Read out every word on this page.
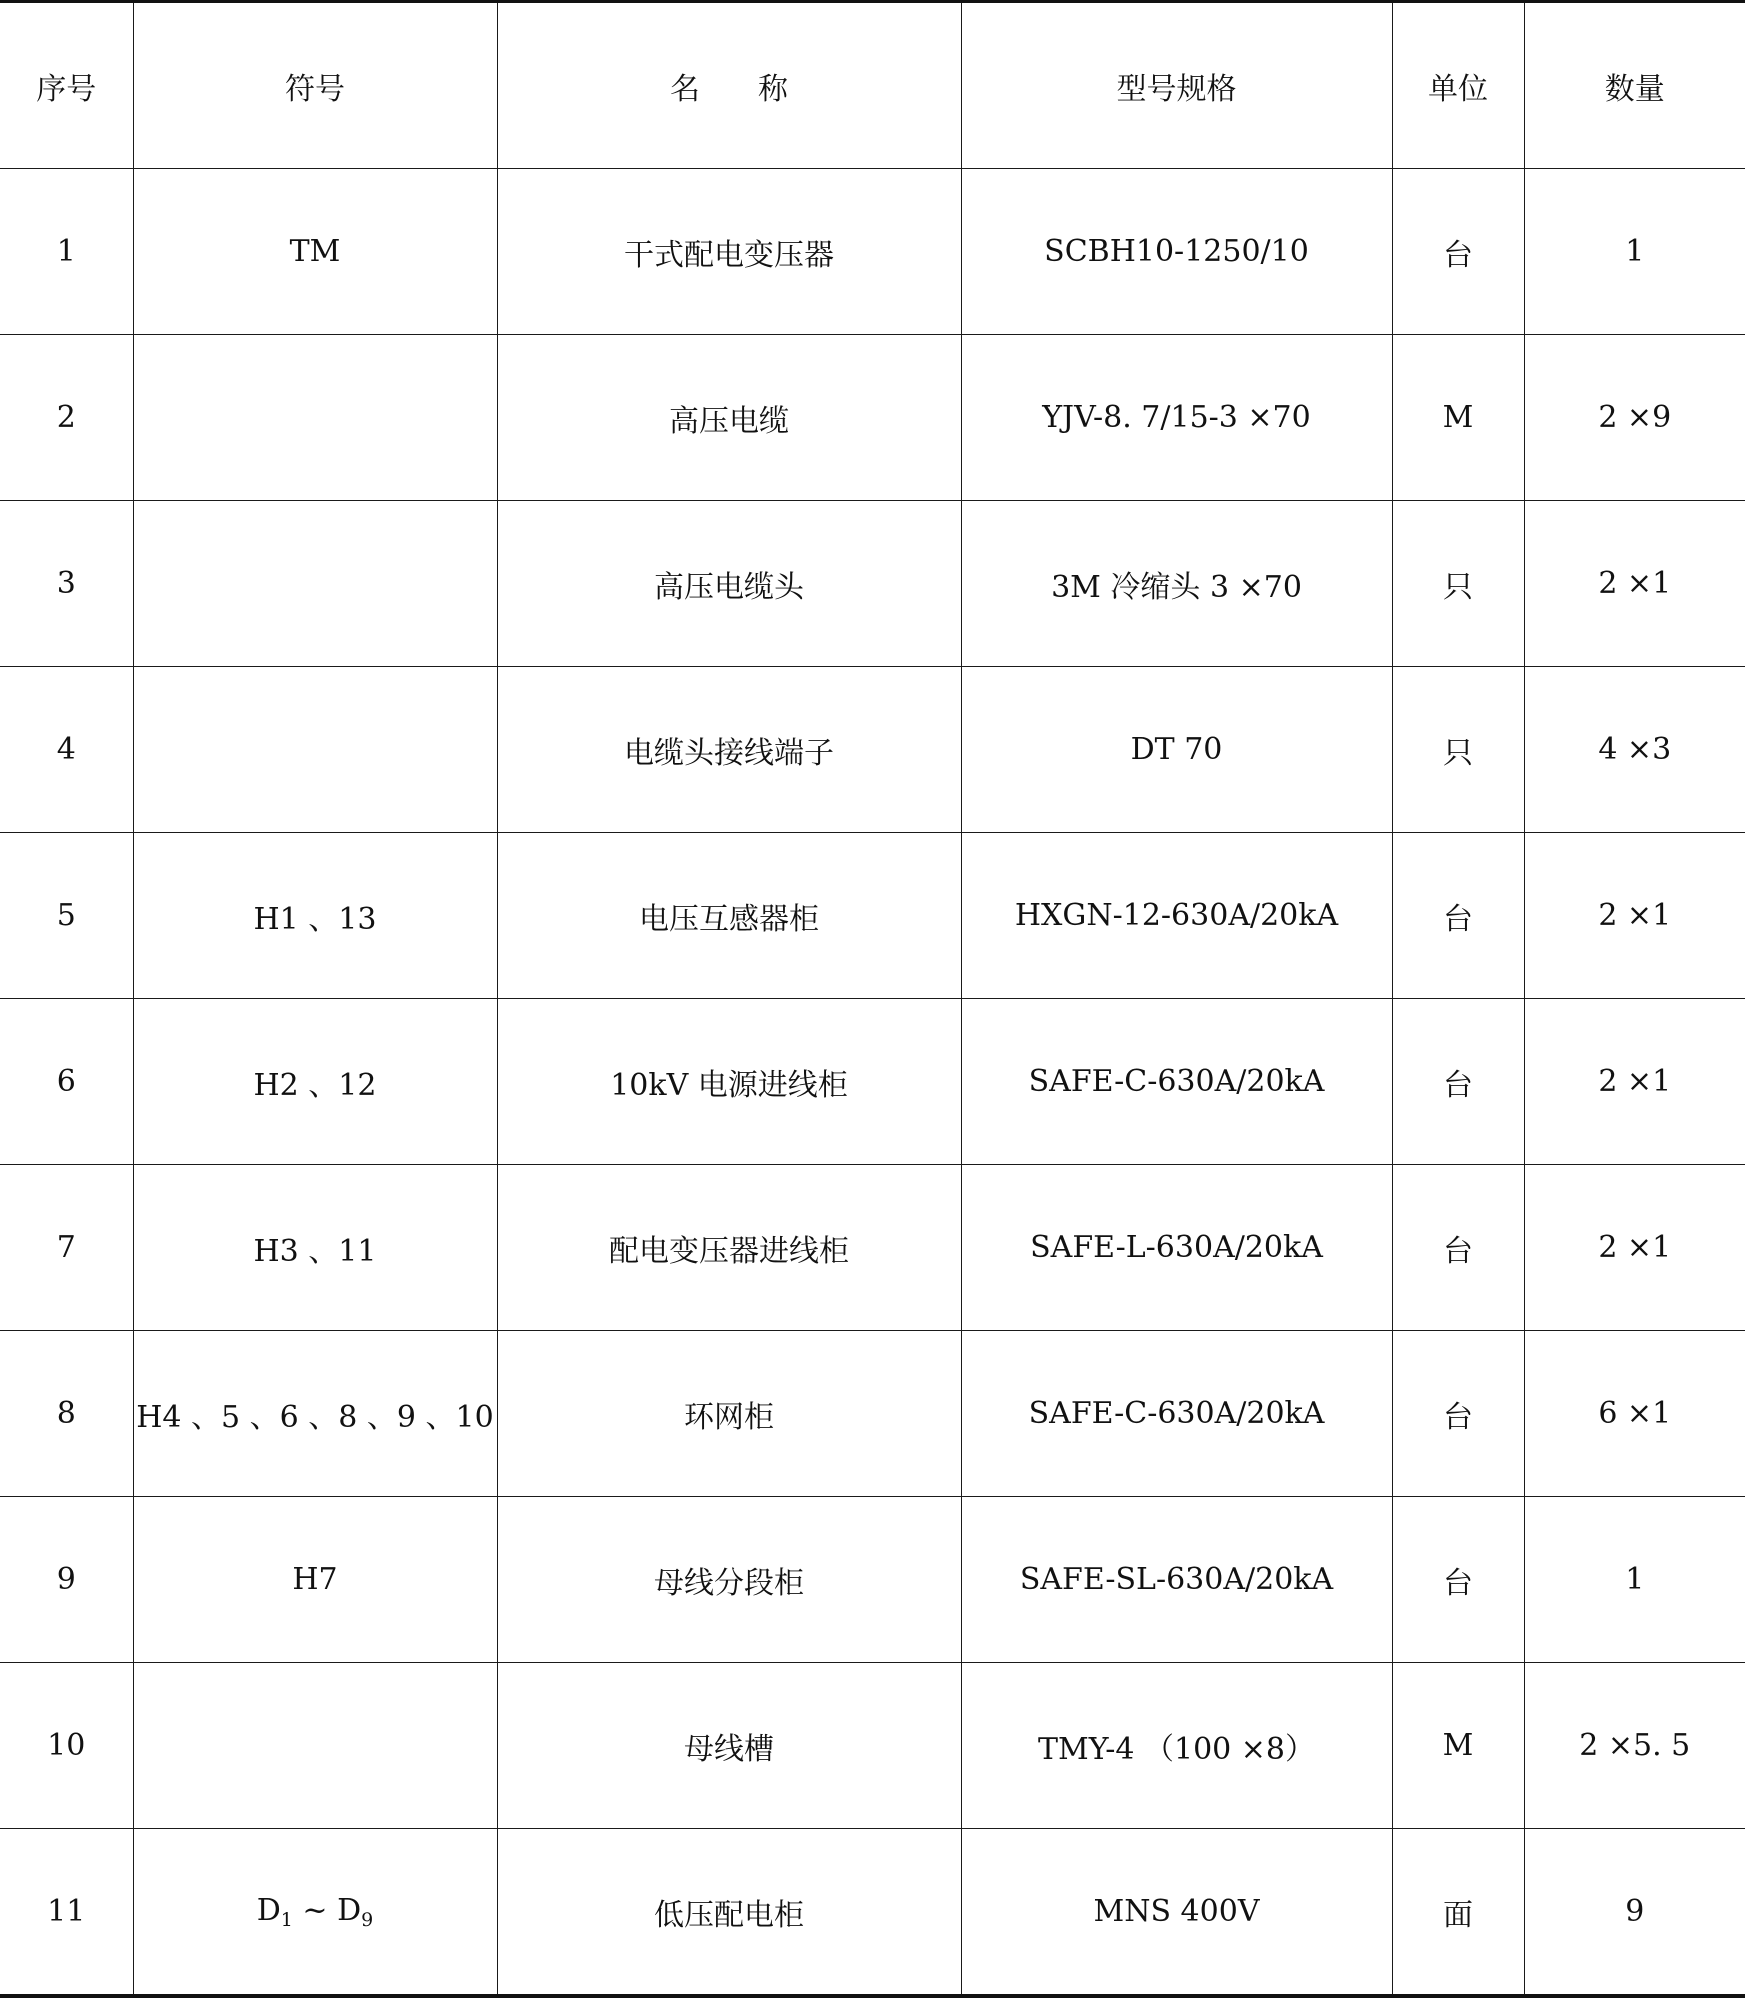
序号	符号	名 称	型号规格	单位	数量
1	TM	干式配电变压器	SCBH10-1250/10	台	1
2		高压电缆	YJV-8. 7/15-3 ×70	M	2 ×9
3		高压电缆头	3M 冷缩头 3 ×70	只	2 ×1
4		电缆头接线端子	DT 70	只	4 ×3
5	H1 、13	电压互感器柜	HXGN-12-630A/20kA	台	2 ×1
6	H2 、12	10kV 电源进线柜	SAFE-C-630A/20kA	台	2 ×1
7	H3 、11	配电变压器进线柜	SAFE-L-630A/20kA	台	2 ×1
8	H4 、5 、6 、8 、9 、10	环网柜	SAFE-C-630A/20kA	台	6 ×1
9	H7	母线分段柜	SAFE-SL-630A/20kA	台	1
10		母线槽	TMY-4 （100 ×8）	M	2 ×5. 5
11	$D_1$ ~ $D_9$	低压配电柜	MNS 400V	面	9
